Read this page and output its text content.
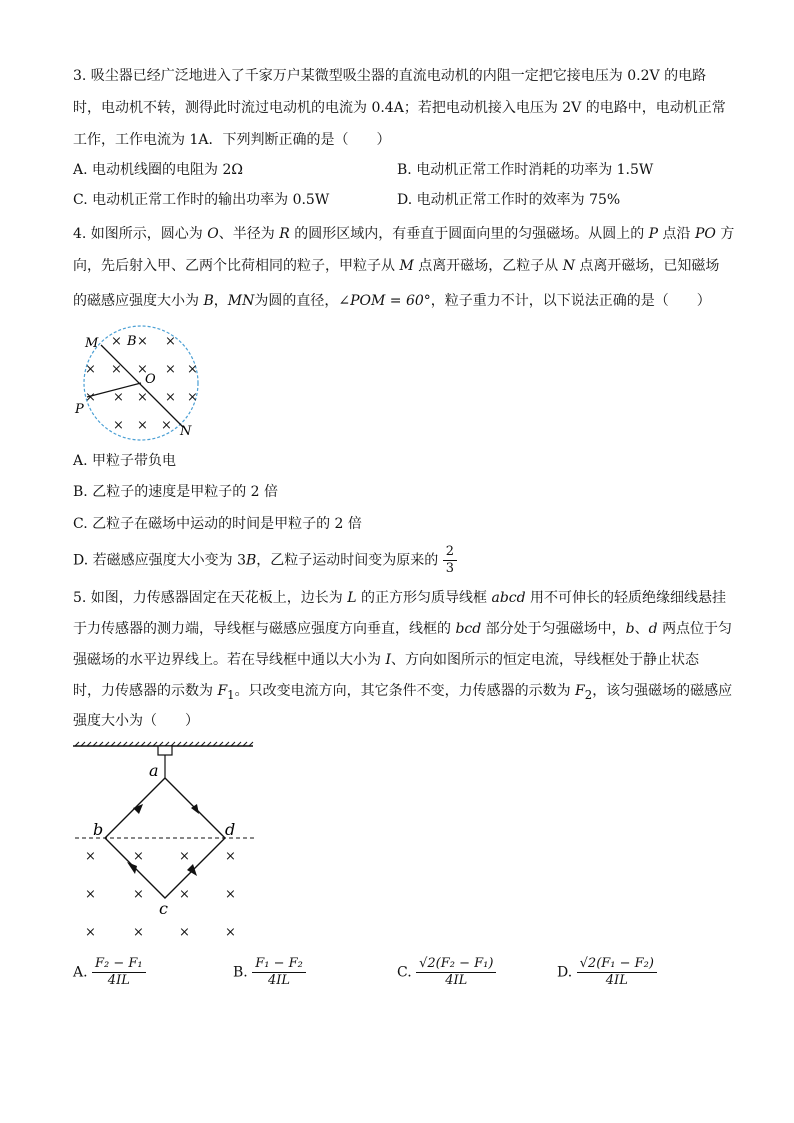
3. 吸尘器已经广泛地进入了千家万户某微型吸尘器的直流电动机的内阻一定把它接电压为 0.2V 的电路
时，电动机不转，测得此时流过电动机的电流为 0.4A；若把电动机接入电压为 2V 的电路中，电动机正常
工作，工作电流为 1A．下列判断正确的是（　　）
A. 电动机线圈的电阻为 2Ω	B. 电动机正常工作时消耗的功率为 1.5W
C. 电动机正常工作时的输出功率为 0.5W	D. 电动机正常工作时的效率为 75%
4. 如图所示，圆心为 O、半径为 R 的圆形区域内，有垂直于圆面向里的匀强磁场。从圆上的 P 点沿 PO 方
向，先后射入甲、乙两个比荷相同的粒子，甲粒子从 M 点离开磁场，乙粒子从 N 点离开磁场，已知磁场
的磁感应强度大小为 B，MN为圆的直径，∠POM = 60°，粒子重力不计，以下说法正确的是（　　）
M B
O
P
N
× × ×
× × × × ×
× × × × ×
× × ×
A. 甲粒子带负电
B. 乙粒子的速度是甲粒子的 2 倍
C. 乙粒子在磁场中运动的时间是甲粒子的 2 倍
D. 若磁感应强度大小变为 3B，乙粒子运动时间变为原来的 $\frac{2}{3}$
5. 如图，力传感器固定在天花板上，边长为 L 的正方形匀质导线框 abcd 用不可伸长的轻质绝缘细线悬挂
于力传感器的测力端，导线框与磁感应强度方向垂直，线框的 bcd 部分处于匀强磁场中，b、d 两点位于匀
强磁场的水平边界线上。若在导线框中通以大小为 I、方向如图所示的恒定电流，导线框处于静止状态
时，力传感器的示数为 $F_1$。只改变电流方向，其它条件不变，力传感器的示数为 $F_2$，该匀强磁场的磁感应
强度大小为（　　）
a
b	d
c
×	×	×	×
×	×	×	×
×	×	×	×
A. $\frac{\text{F₂ − F₁}}{4IL}$	B. $\frac{\text{F₁ − F₂}}{4IL}$	C. $\frac{\text{√2(F₂ − F₁)}}{4IL}$	D. $\frac{\text{√2(F₁ − F₂)}}{4IL}$
